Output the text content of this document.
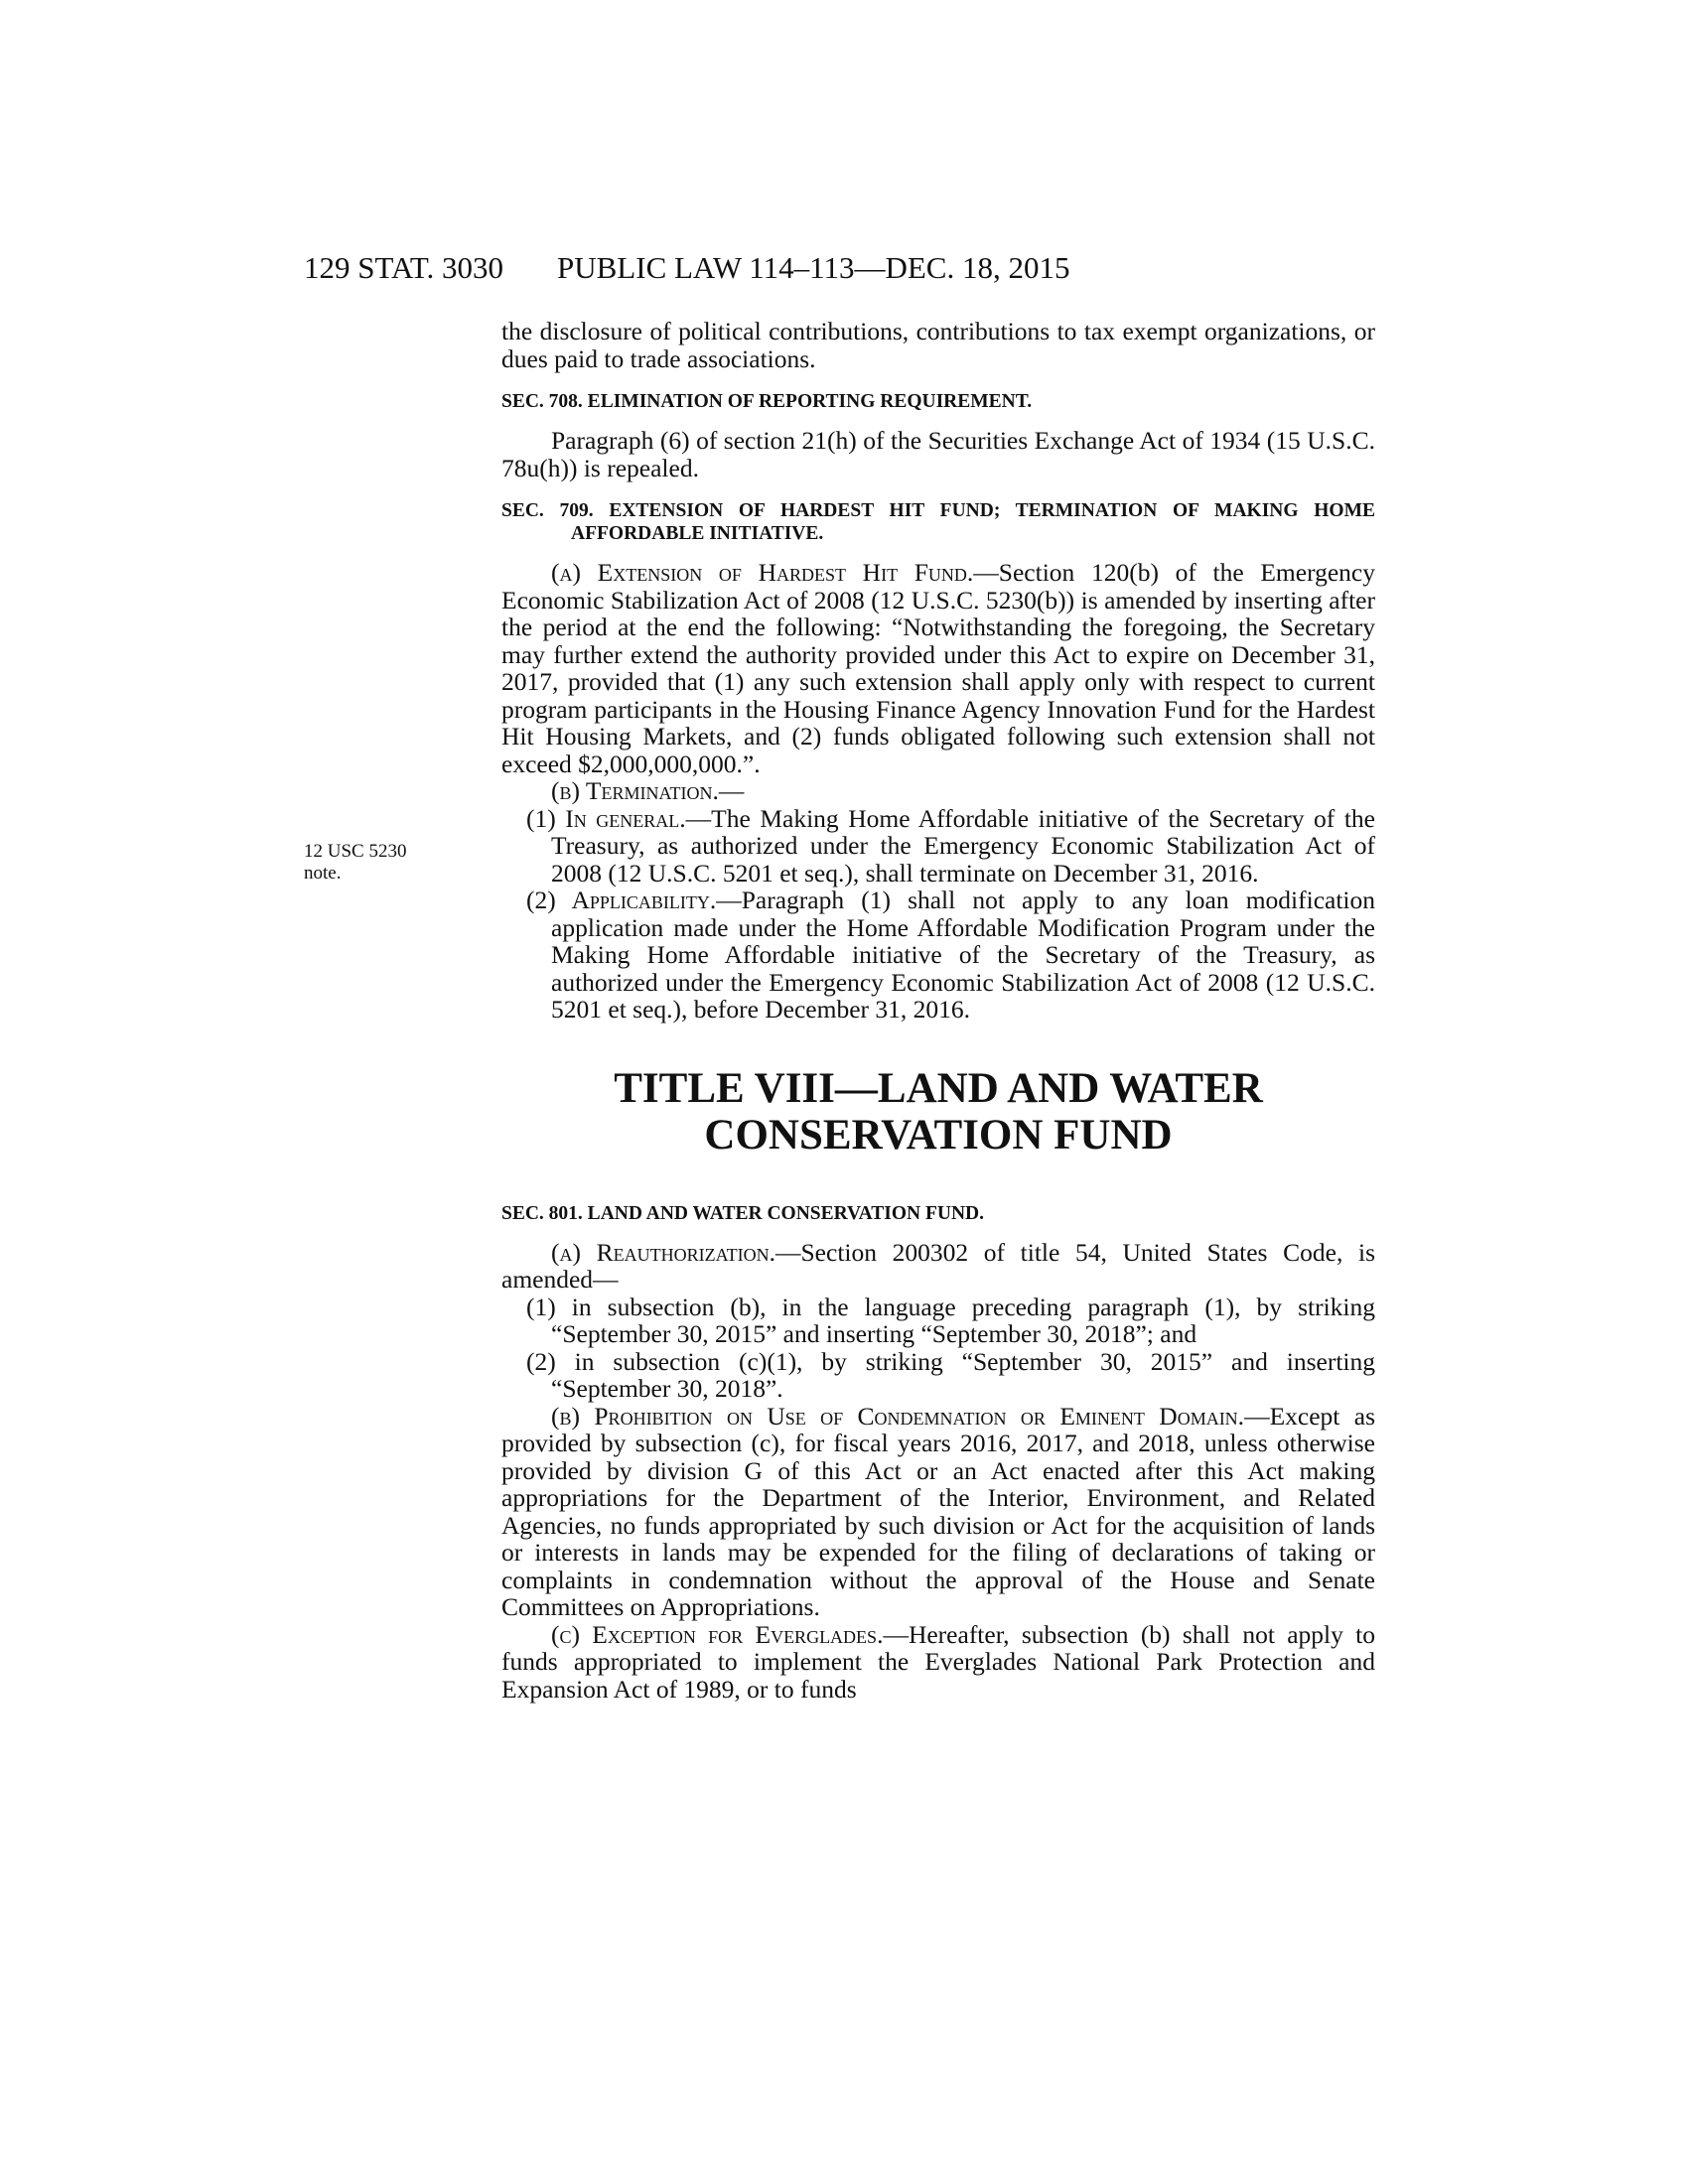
129 STAT. 3030 PUBLIC LAW 114–113—DEC. 18, 2015
12 USC 5230
note.

the disclosure of political contributions, contributions to tax exempt organizations, or dues paid to trade associations.

SEC. 708. ELIMINATION OF REPORTING REQUIREMENT.

Paragraph (6) of section 21(h) of the Securities Exchange Act of 1934 (15 U.S.C. 78u(h)) is repealed.

SEC. 709. EXTENSION OF HARDEST HIT FUND; TERMINATION OF MAKING HOME AFFORDABLE INITIATIVE.

(a) Extension of Hardest Hit Fund.—Section 120(b) of the Emergency Economic Stabilization Act of 2008 (12 U.S.C. 5230(b)) is amended by inserting after the period at the end the following: “Notwithstanding the foregoing, the Secretary may further extend the authority provided under this Act to expire on December 31, 2017, provided that (1) any such extension shall apply only with respect to current program participants in the Housing Finance Agency Innovation Fund for the Hardest Hit Housing Markets, and (2) funds obligated following such extension shall not exceed $2,000,000,000.”.

(b) Termination.—

(1) In general.—The Making Home Affordable initiative of the Secretary of the Treasury, as authorized under the Emergency Economic Stabilization Act of 2008 (12 U.S.C. 5201 et seq.), shall terminate on December 31, 2016.

(2) Applicability.—Paragraph (1) shall not apply to any loan modification application made under the Home Affordable Modification Program under the Making Home Affordable initiative of the Secretary of the Treasury, as authorized under the Emergency Economic Stabilization Act of 2008 (12 U.S.C. 5201 et seq.), before December 31, 2016.

TITLE VIII—LAND AND WATER
CONSERVATION FUND

SEC. 801. LAND AND WATER CONSERVATION FUND.

(a) Reauthorization.—Section 200302 of title 54, United States Code, is amended—

(1) in subsection (b), in the language preceding paragraph (1), by striking “September 30, 2015” and inserting “September 30, 2018”; and

(2) in subsection (c)(1), by striking “September 30, 2015” and inserting “September 30, 2018”.

(b) Prohibition on Use of Condemnation or Eminent Domain.—Except as provided by subsection (c), for fiscal years 2016, 2017, and 2018, unless otherwise provided by division G of this Act or an Act enacted after this Act making appropriations for the Department of the Interior, Environment, and Related Agencies, no funds appropriated by such division or Act for the acquisition of lands or interests in lands may be expended for the filing of declarations of taking or complaints in condemnation without the approval of the House and Senate Committees on Appropriations.

(c) Exception for Everglades.—Hereafter, subsection (b) shall not apply to funds appropriated to implement the Everglades National Park Protection and Expansion Act of 1989, or to funds
